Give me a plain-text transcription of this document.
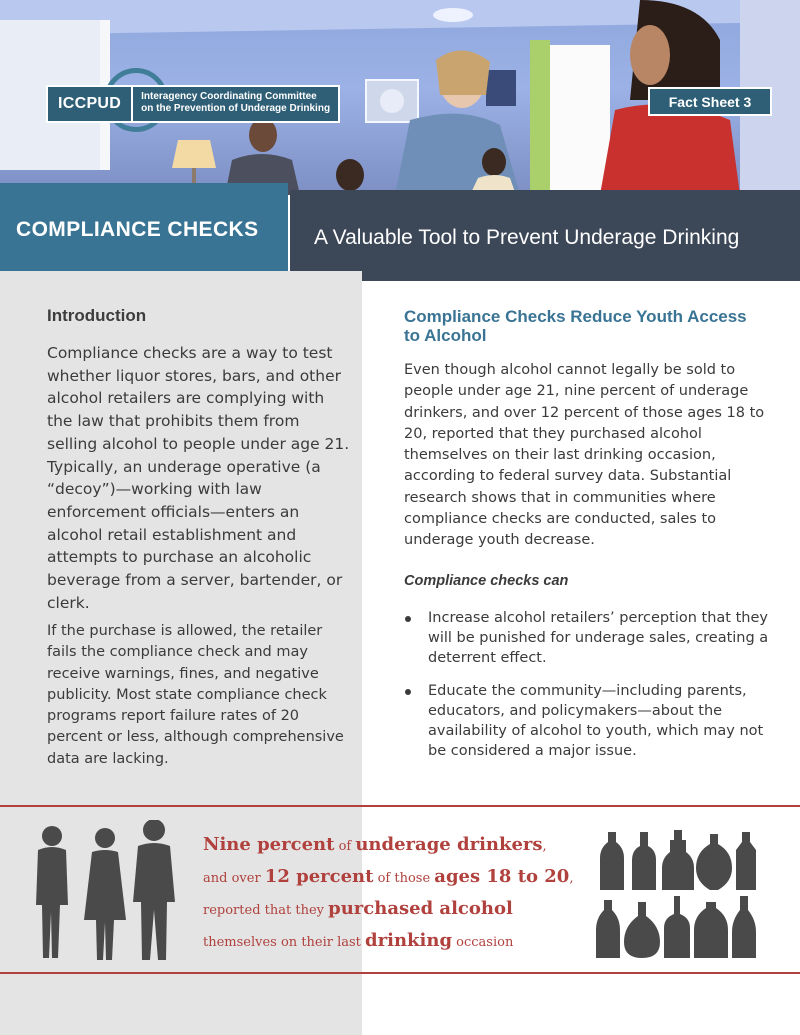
ICCPUD	Interagency Coordinating Committee
on the Prevention of Underage Drinking	Fact Sheet 3
COMPLIANCE CHECKS	A Valuable Tool to Prevent Underage Drinking
Introduction

Compliance checks are a way to test whether liquor stores, bars, and other alcohol retailers are complying with the law that prohibits them from selling alcohol to people under age 21. Typically, an underage operative (a “decoy”)—working with law enforcement officials—enters an alcohol retail establishment and attempts to purchase an alcoholic beverage from a server, bartender, or clerk.

If the purchase is allowed, the retailer fails the compliance check and may receive warnings, fines, and negative publicity. Most state compliance check programs report failure rates of 20 percent or less, although comprehensive data are lacking.

Compliance Checks Reduce Youth Access to Alcohol

Even though alcohol cannot legally be sold to people under age 21, nine percent of underage drinkers, and over 12 percent of those ages 18 to 20, reported that they purchased alcohol themselves on their last drinking occasion, according to federal survey data. Substantial research shows that in communities where compliance checks are conducted, sales to underage youth decrease.

Compliance checks can
Increase alcohol retailers’ perception that they will be punished for underage sales, creating a deterrent effect.
Educate the community—including parents, educators, and policymakers—about the availability of alcohol to youth, which may not be considered a major issue.

Nine percent of underage drinkers,
and over 12 percent of those ages 18 to 20,
reported that they purchased alcohol
themselves on their last drinking occasion
